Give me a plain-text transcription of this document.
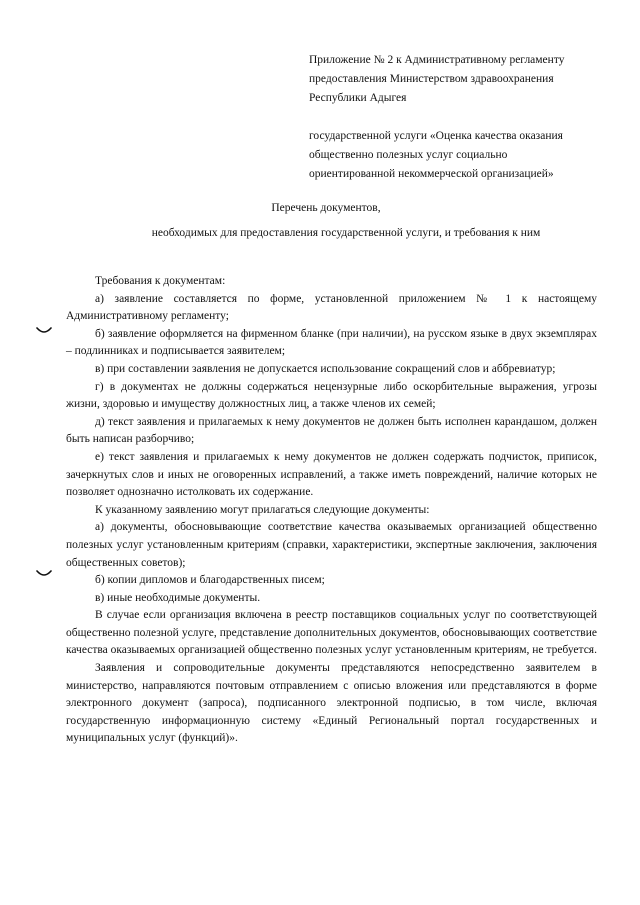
Приложение № 2 к Административному регламенту

предоставления Министерством здравоохранения

Республики Адыгея

государственной услуги «Оценка качества оказания

общественно полезных услуг социально

ориентированной некоммерческой организацией»

Перечень документов,
необходимых для предоставления государственной услуги, и требования к ним

Требования к документам:

а) заявление составляется по форме, установленной приложением № 1 к настоящему Административному регламенту;

б) заявление оформляется на фирменном бланке (при наличии), на русском языке в двух экземплярах – подлинниках и подписывается заявителем;

в) при составлении заявления не допускается использование сокращений слов и аббревиатур;

г) в документах не должны содержаться нецензурные либо оскорбительные выражения, угрозы жизни, здоровью и имуществу должностных лиц, а также членов их семей;

д) текст заявления и прилагаемых к нему документов не должен быть исполнен карандашом, должен быть написан разборчиво;

е) текст заявления и прилагаемых к нему документов не должен содержать подчисток, приписок, зачеркнутых слов и иных не оговоренных исправлений, а также иметь повреждений, наличие которых не позволяет однозначно истолковать их содержание.

К указанному заявлению могут прилагаться следующие документы:

а) документы, обосновывающие соответствие качества оказываемых организацией общественно полезных услуг установленным критериям (справки, характеристики, экспертные заключения, заключения общественных советов);

б) копии дипломов и благодарственных писем;

в) иные необходимые документы.

В случае если организация включена в реестр поставщиков социальных услуг по соответствующей общественно полезной услуге, представление дополнительных документов, обосновывающих соответствие качества оказываемых организацией общественно полезных услуг установленным критериям, не требуется.

Заявления и сопроводительные документы представляются непосредственно заявителем в министерство, направляются почтовым отправлением с описью вложения или представляются в форме электронного документ (запроса), подписанного электронной подписью, в том числе, включая государственную информационную систему «Единый Региональный портал государственных и муниципальных услуг (функций)».
